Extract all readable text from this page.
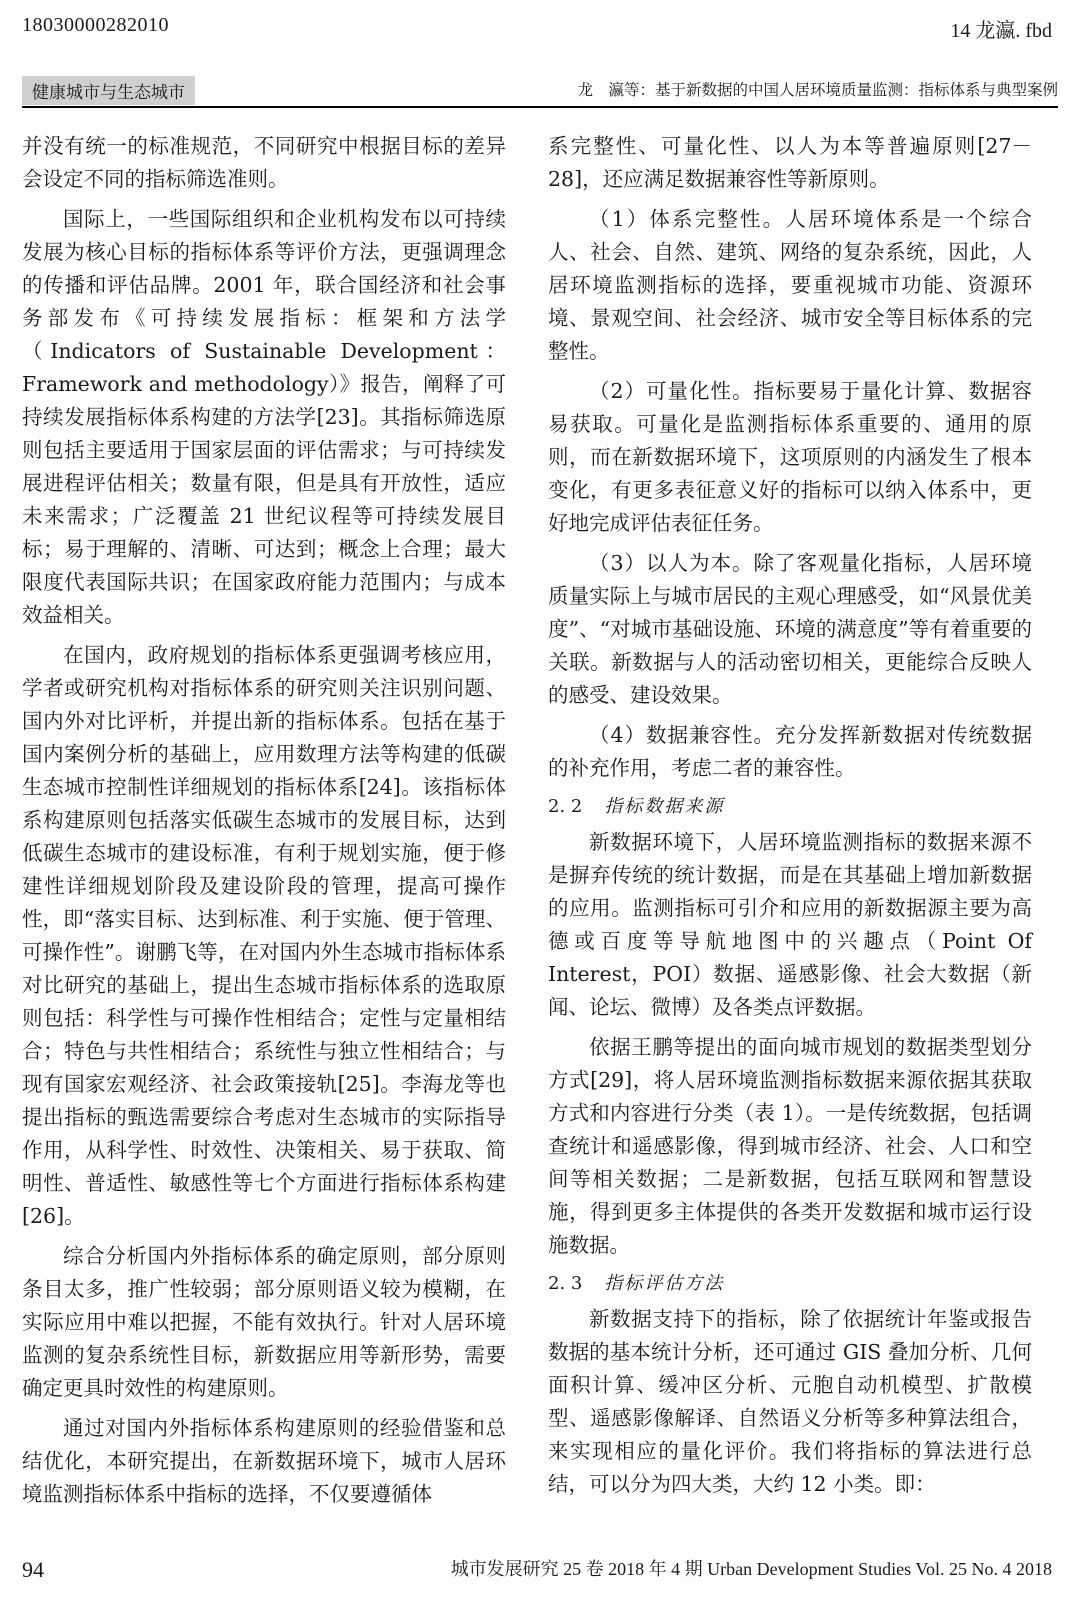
18030000282010	14 龙瀛. fbd
健康城市与生态城市	龙　瀛等：基于新数据的中国人居环境质量监测：指标体系与典型案例

并没有统一的标准规范，不同研究中根据目标的差异会设定不同的指标筛选准则。

国际上，一些国际组织和企业机构发布以可持续发展为核心目标的指标体系等评价方法，更强调理念的传播和评估品牌。2001 年，联合国经济和社会事务部发布《可持续发展指标：框架和方法学（Indicators of Sustainable Development：Framework and methodology）》报告，阐释了可持续发展指标体系构建的方法学[23]。其指标筛选原则包括主要适用于国家层面的评估需求；与可持续发展进程评估相关；数量有限，但是具有开放性，适应未来需求；广泛覆盖 21 世纪议程等可持续发展目标；易于理解的、清晰、可达到；概念上合理；最大限度代表国际共识；在国家政府能力范围内；与成本效益相关。

在国内，政府规划的指标体系更强调考核应用，学者或研究机构对指标体系的研究则关注识别问题、国内外对比评析，并提出新的指标体系。包括在基于国内案例分析的基础上，应用数理方法等构建的低碳生态城市控制性详细规划的指标体系[24]。该指标体系构建原则包括落实低碳生态城市的发展目标，达到低碳生态城市的建设标准，有利于规划实施，便于修建性详细规划阶段及建设阶段的管理，提高可操作性，即“落实目标、达到标准、利于实施、便于管理、可操作性”。谢鹏飞等，在对国内外生态城市指标体系对比研究的基础上，提出生态城市指标体系的选取原则包括：科学性与可操作性相结合；定性与定量相结合；特色与共性相结合；系统性与独立性相结合；与现有国家宏观经济、社会政策接轨[25]。李海龙等也提出指标的甄选需要综合考虑对生态城市的实际指导作用，从科学性、时效性、决策相关、易于获取、简明性、普适性、敏感性等七个方面进行指标体系构建[26]。

综合分析国内外指标体系的确定原则，部分原则条目太多，推广性较弱；部分原则语义较为模糊，在实际应用中难以把握，不能有效执行。针对人居环境监测的复杂系统性目标，新数据应用等新形势，需要确定更具时效性的构建原则。

通过对国内外指标体系构建原则的经验借鉴和总结优化，本研究提出，在新数据环境下，城市人居环境监测指标体系中指标的选择，不仅要遵循体

系完整性、可量化性、以人为本等普遍原则[27－28]，还应满足数据兼容性等新原则。

（1）体系完整性。人居环境体系是一个综合人、社会、自然、建筑、网络的复杂系统，因此，人居环境监测指标的选择，要重视城市功能、资源环境、景观空间、社会经济、城市安全等目标体系的完整性。

（2）可量化性。指标要易于量化计算、数据容易获取。可量化是监测指标体系重要的、通用的原则，而在新数据环境下，这项原则的内涵发生了根本变化，有更多表征意义好的指标可以纳入体系中，更好地完成评估表征任务。

（3）以人为本。除了客观量化指标，人居环境质量实际上与城市居民的主观心理感受，如“风景优美度”、“对城市基础设施、环境的满意度”等有着重要的关联。新数据与人的活动密切相关，更能综合反映人的感受、建设效果。

（4）数据兼容性。充分发挥新数据对传统数据的补充作用，考虑二者的兼容性。

2. 2 指标数据来源

新数据环境下，人居环境监测指标的数据来源不是摒弃传统的统计数据，而是在其基础上增加新数据的应用。监测指标可引介和应用的新数据源主要为高德或百度等导航地图中的兴趣点（Point Of Interest，POI）数据、遥感影像、社会大数据（新闻、论坛、微博）及各类点评数据。

依据王鹏等提出的面向城市规划的数据类型划分方式[29]，将人居环境监测指标数据来源依据其获取方式和内容进行分类（表 1）。一是传统数据，包括调查统计和遥感影像，得到城市经济、社会、人口和空间等相关数据；二是新数据，包括互联网和智慧设施，得到更多主体提供的各类开发数据和城市运行设施数据。

2. 3 指标评估方法

新数据支持下的指标，除了依据统计年鉴或报告数据的基本统计分析，还可通过 GIS 叠加分析、几何面积计算、缓冲区分析、元胞自动机模型、扩散模型、遥感影像解译、自然语义分析等多种算法组合，来实现相应的量化评价。我们将指标的算法进行总结，可以分为四大类，大约 12 小类。即：

94	城市发展研究 25 卷 2018 年 4 期 Urban Development Studies Vol. 25 No. 4 2018
